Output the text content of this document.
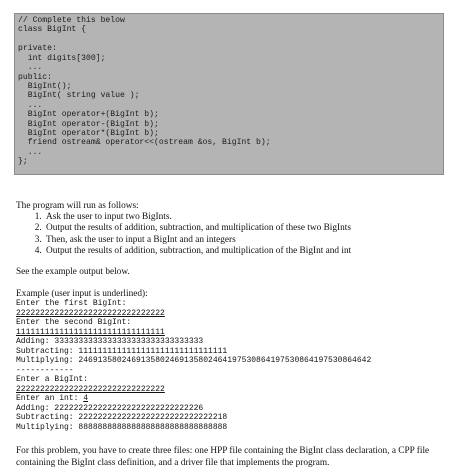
// Complete this below
class BigInt {
private:
int digits[300];
...
public:
BigInt();
BigInt( string value );
...
BigInt operator+(BigInt b);
BigInt operator-(BigInt b);
BigInt operator*(BigInt b);
friend ostream& operator<<(ostream &os, BigInt b);
...
};
The program will run as follows:
1. Ask the user to input two BigInts.
2. Output the results of addition, subtraction, and multiplication of these two BigInts
3. Then, ask the user to input a BigInt and an integers
4. Output the results of addition, subtraction, and multiplication of the BigInt and int
See the example output below.
Example (user input is underlined):
Enter the first BigInt:
2222222222222222222222222222222
Enter the second BigInt:
1111111111111111111111111111111
Adding: 3333333333333333333333333333333
Subtracting: 1111111111111111111111111111111
Multiplying: 2469135802469135802469135802464197530864197530864197530864642
------------
Enter a BigInt:
2222222222222222222222222222222
Enter an int: 4
Adding: 2222222222222222222222222222226
Subtracting: 2222222222222222222222222222218
Multiplying: 8888888888888888888888888888888
For this problem, you have to create three files: one HPP file containing the BigInt class declaration, a CPP file containing the BigInt class definition, and a driver file that implements the program.
